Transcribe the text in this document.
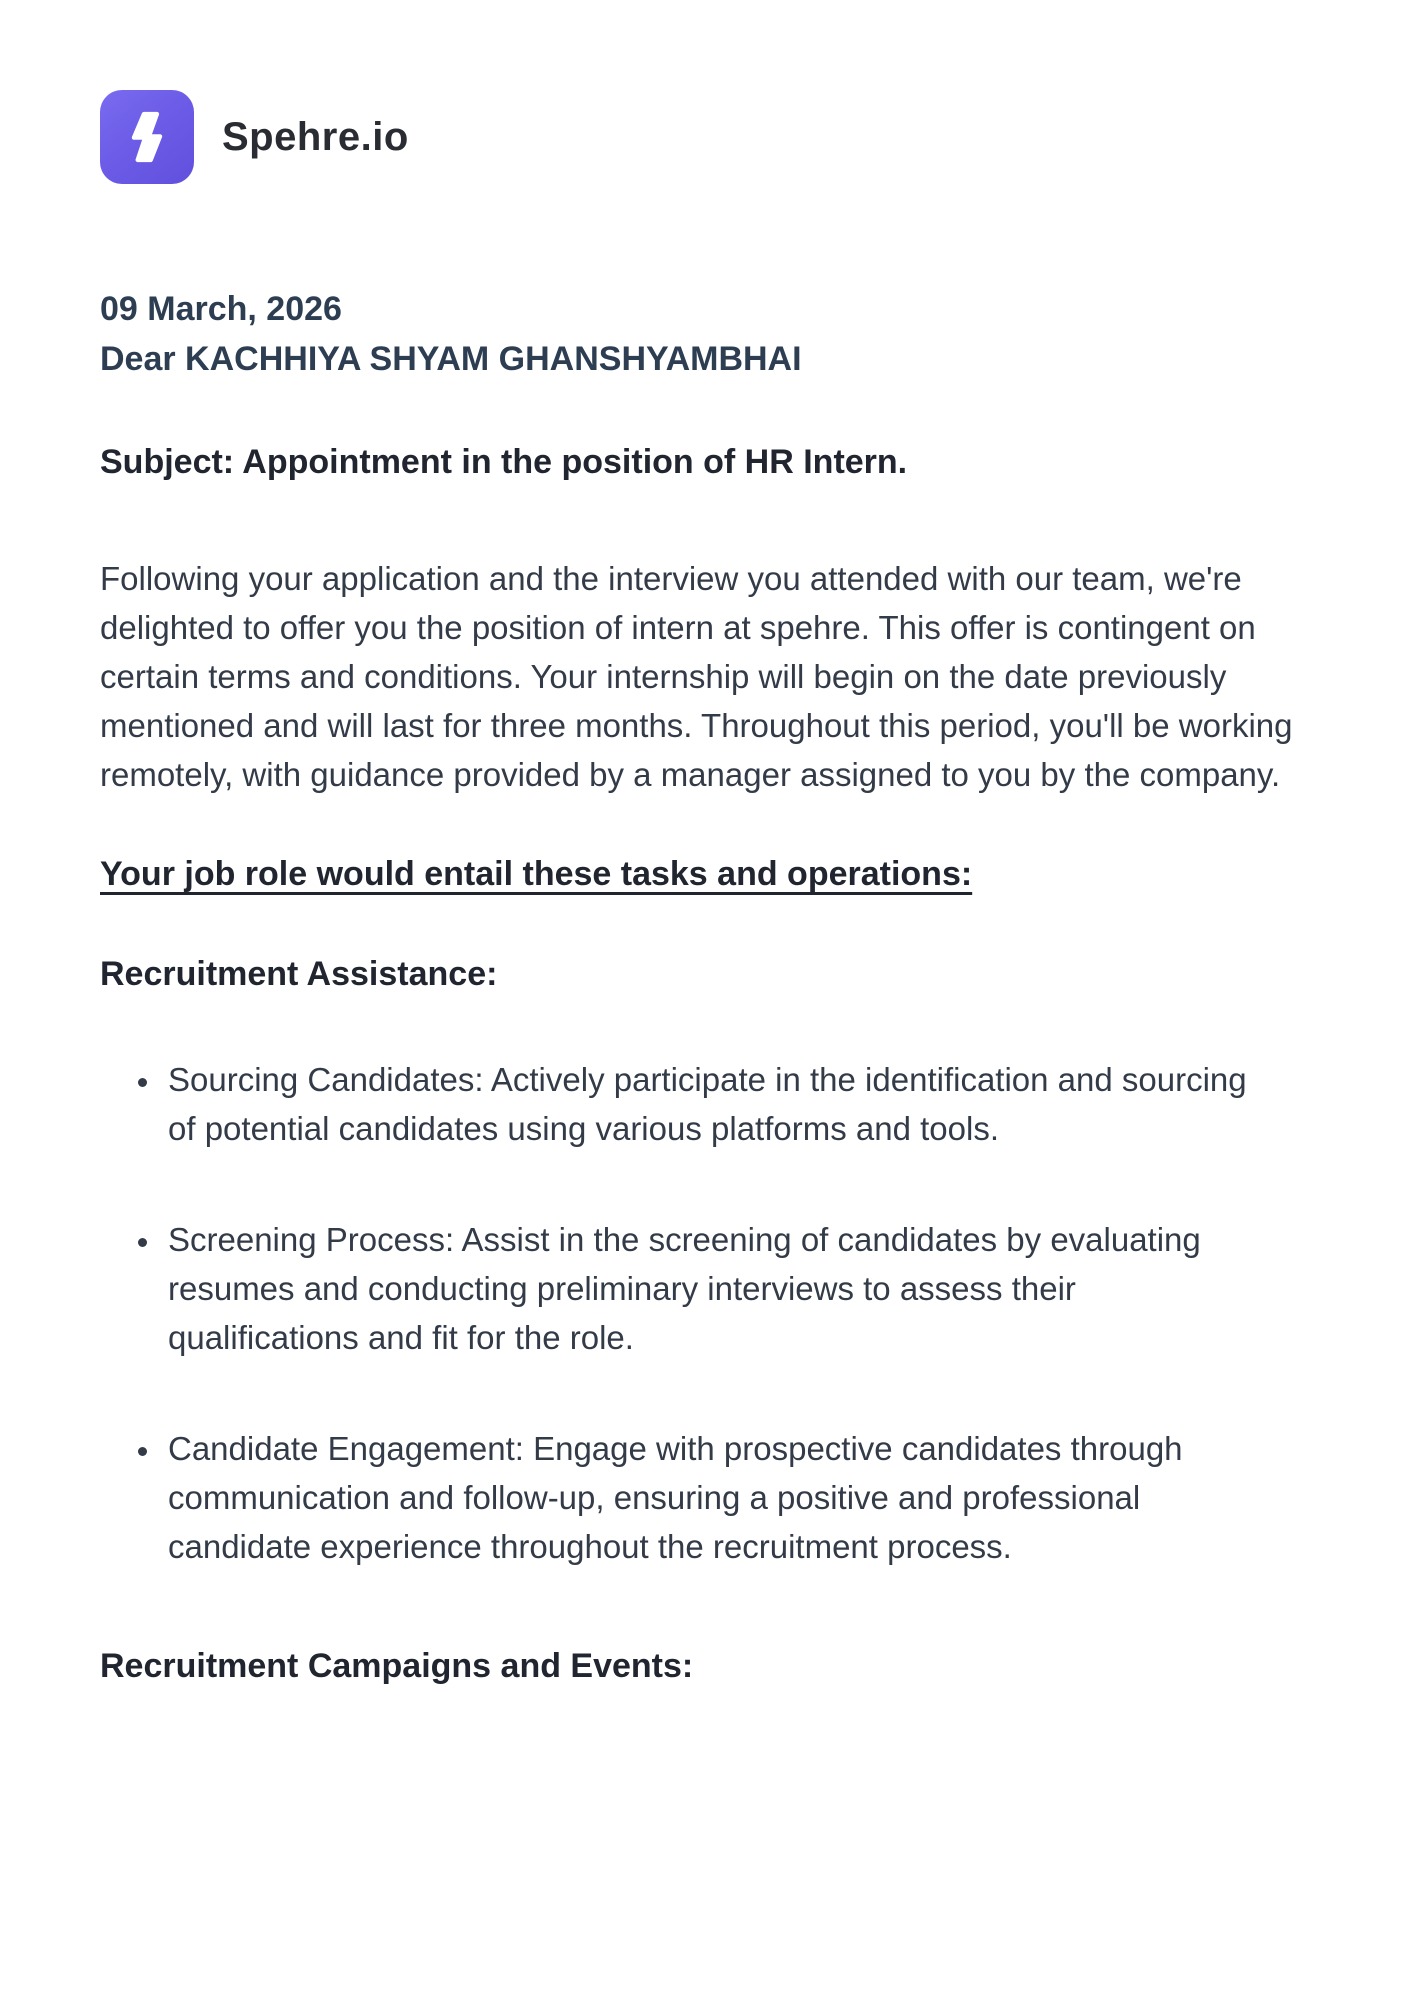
Spehre.io
09 March, 2026
Dear KACHHIYA SHYAM GHANSHYAMBHAI
Subject: Appointment in the position of HR Intern.

Following your application and the interview you attended with our team, we're delighted to offer you the position of intern at spehre. This offer is contingent on certain terms and conditions. Your internship will begin on the date previously mentioned and will last for three months. Throughout this period, you'll be working remotely, with guidance provided by a manager assigned to you by the company.

Your job role would entail these tasks and operations:
Recruitment Assistance:
• Sourcing Candidates: Actively participate in the identification and sourcing of potential candidates using various platforms and tools.
• Screening Process: Assist in the screening of candidates by evaluating resumes and conducting preliminary interviews to assess their qualifications and fit for the role.
• Candidate Engagement: Engage with prospective candidates through communication and follow-up, ensuring a positive and professional candidate experience throughout the recruitment process.
Recruitment Campaigns and Events:
